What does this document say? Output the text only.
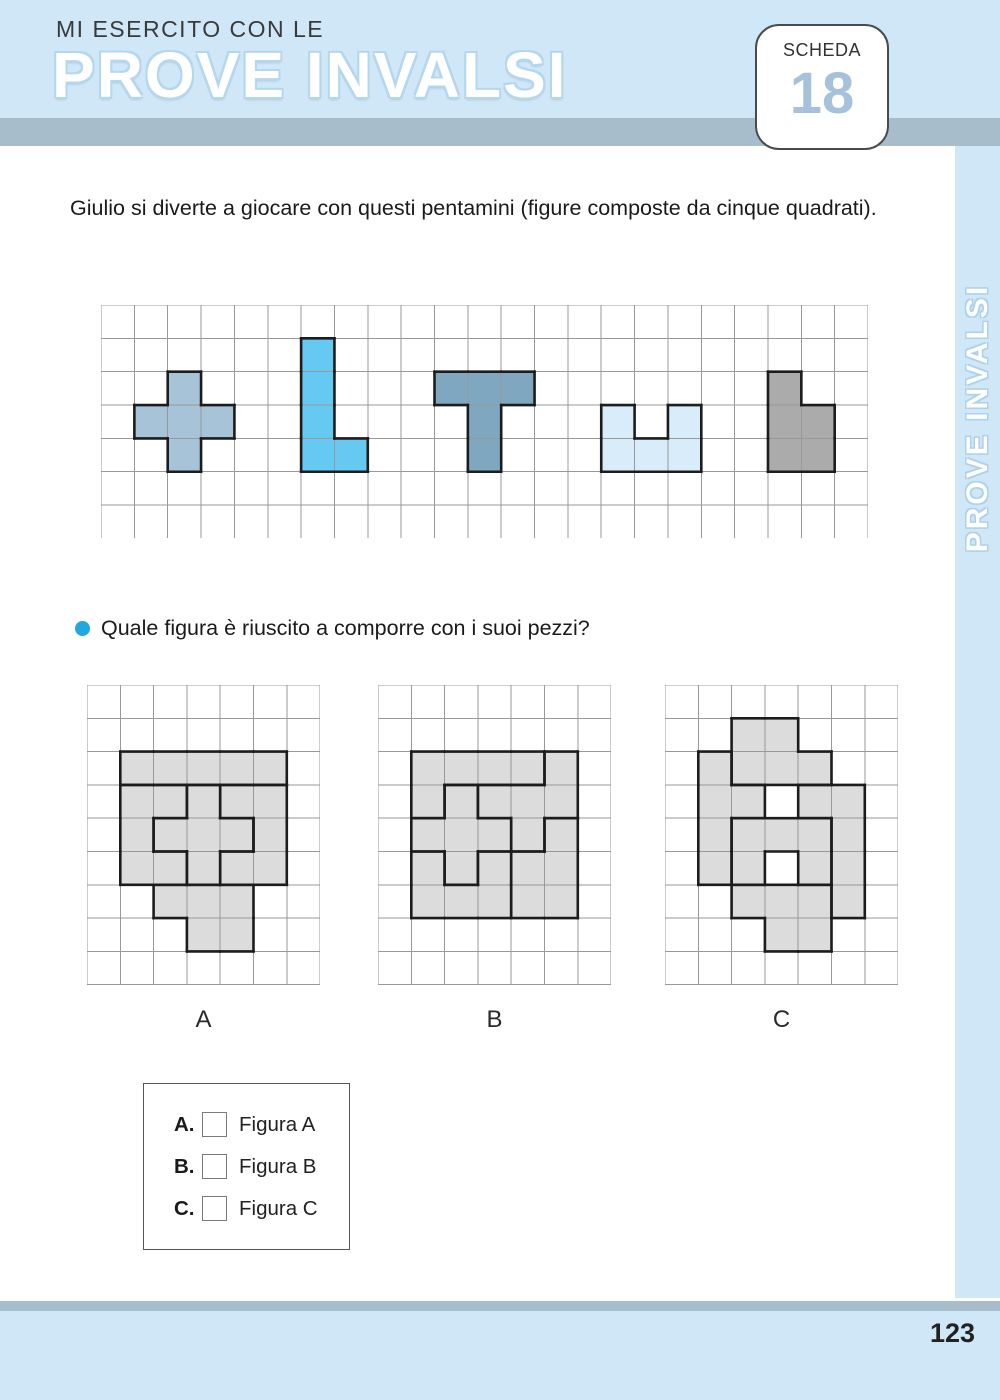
MI ESERCITO CON LE
PROVE INVALSI	SCHEDA
18
PROVE INVALSI
Giulio si diverte a giocare con questi pentamini (figure composte da cinque quadrati).
Quale figura è riuscito a comporre con i suoi pezzi?
A	B	C
A.	Figura A
B.	Figura B
C.	Figura C
123
